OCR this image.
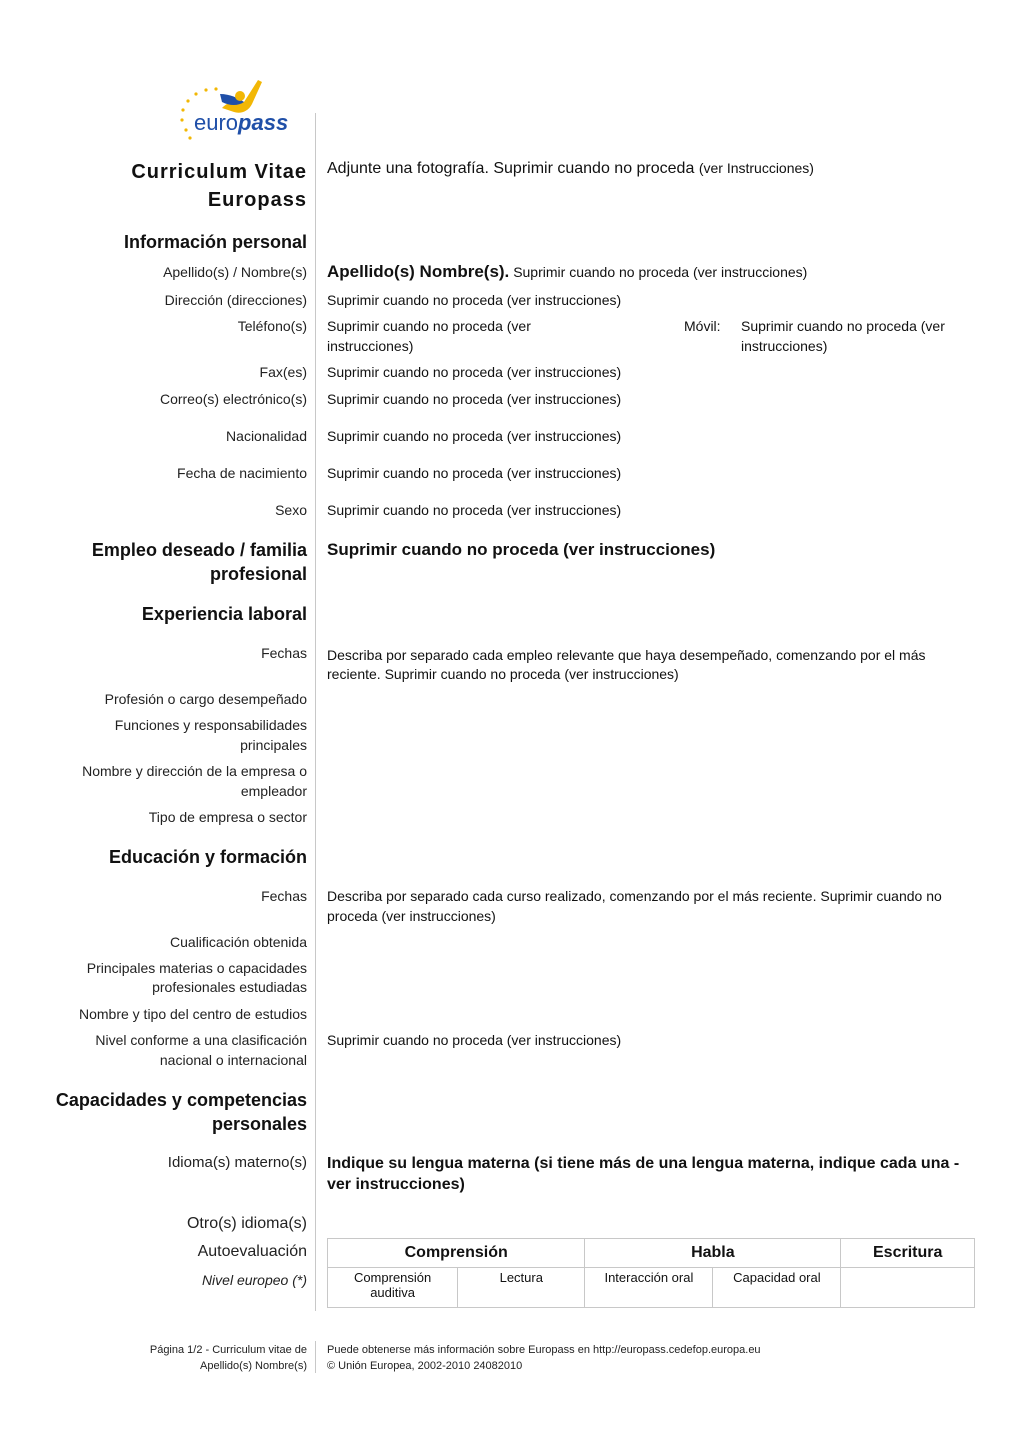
europass
Curriculum Vitae
Europass
Adjunte una fotografía. Suprimir cuando no proceda (ver Instrucciones)
Información personal
Apellido(s) / Nombre(s) Apellido(s) Nombre(s). Suprimir cuando no proceda (ver instrucciones)
Dirección (direcciones) Suprimir cuando no proceda (ver instrucciones)
Teléfono(s) Suprimir cuando no proceda (ver
instrucciones)
Móvil: Suprimir cuando no proceda (ver
instrucciones)
Fax(es) Suprimir cuando no proceda (ver instrucciones)
Correo(s) electrónico(s) Suprimir cuando no proceda (ver instrucciones)
Nacionalidad Suprimir cuando no proceda (ver instrucciones)
Fecha de nacimiento Suprimir cuando no proceda (ver instrucciones)
Sexo Suprimir cuando no proceda (ver instrucciones)
Empleo deseado / familia
profesional
Suprimir cuando no proceda (ver instrucciones)
Experiencia laboral
Fechas Describa por separado cada empleo relevante que haya desempeñado, comenzando por el más
reciente. Suprimir cuando no proceda (ver instrucciones)
Profesión o cargo desempeñado
Funciones y responsabilidades
principales
Nombre y dirección de la empresa o
empleador
Tipo de empresa o sector
Educación y formación
Fechas Describa por separado cada curso realizado, comenzando por el más reciente. Suprimir cuando no
proceda (ver instrucciones)
Cualificación obtenida
Principales materias o capacidades
profesionales estudiadas
Nombre y tipo del centro de estudios
Nivel conforme a una clasificación
nacional o internacional
Suprimir cuando no proceda (ver instrucciones)
Capacidades y competencias
personales
Idioma(s) materno(s) Indique su lengua materna (si tiene más de una lengua materna, indique cada una -
ver instrucciones)
Otro(s) idioma(s)
Autoevaluación
Nivel europeo (*)
Comprensión		Habla		Escritura
Comprensión auditiva	Lectura	Interacción oral	Capacidad oral	
Página 1/2 - Curriculum vitae de
Apellido(s) Nombre(s)
Puede obtenerse más información sobre Europass en http://europass.cedefop.europa.eu
© Unión Europea, 2002-2010 24082010
